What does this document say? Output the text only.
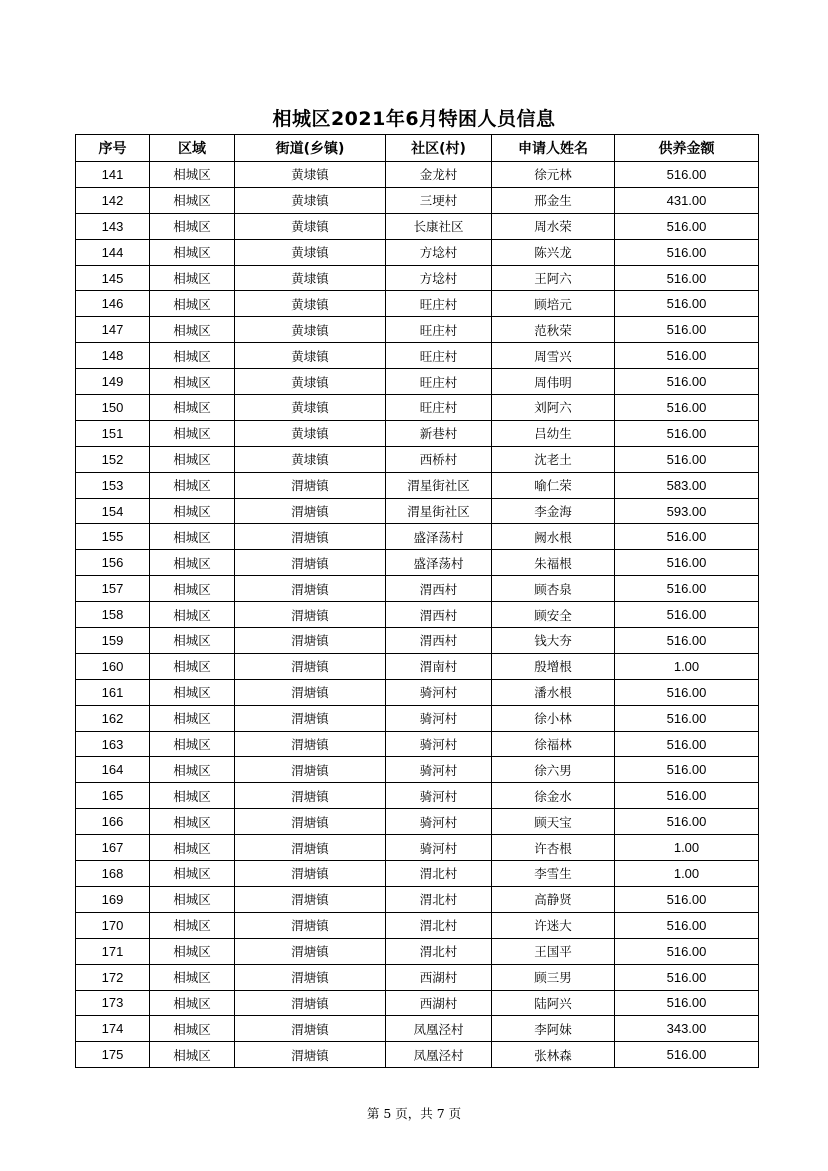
相城区2021年6月特困人员信息
序号	区域	街道(乡镇)	社区(村)	申请人姓名	供养金额
141	相城区	黄埭镇	金龙村	徐元林	516.00
142	相城区	黄埭镇	三埂村	邢金生	431.00
143	相城区	黄埭镇	长康社区	周水荣	516.00
144	相城区	黄埭镇	方埝村	陈兴龙	516.00
145	相城区	黄埭镇	方埝村	王阿六	516.00
146	相城区	黄埭镇	旺庄村	顾培元	516.00
147	相城区	黄埭镇	旺庄村	范秋荣	516.00
148	相城区	黄埭镇	旺庄村	周雪兴	516.00
149	相城区	黄埭镇	旺庄村	周伟明	516.00
150	相城区	黄埭镇	旺庄村	刘阿六	516.00
151	相城区	黄埭镇	新巷村	吕幼生	516.00
152	相城区	黄埭镇	西桥村	沈老土	516.00
153	相城区	渭塘镇	渭星街社区	喻仁荣	583.00
154	相城区	渭塘镇	渭星街社区	李金海	593.00
155	相城区	渭塘镇	盛泽荡村	阙水根	516.00
156	相城区	渭塘镇	盛泽荡村	朱福根	516.00
157	相城区	渭塘镇	渭西村	顾杏泉	516.00
158	相城区	渭塘镇	渭西村	顾安全	516.00
159	相城区	渭塘镇	渭西村	钱大夯	516.00
160	相城区	渭塘镇	渭南村	殷增根	1.00
161	相城区	渭塘镇	骑河村	潘水根	516.00
162	相城区	渭塘镇	骑河村	徐小林	516.00
163	相城区	渭塘镇	骑河村	徐福林	516.00
164	相城区	渭塘镇	骑河村	徐六男	516.00
165	相城区	渭塘镇	骑河村	徐金水	516.00
166	相城区	渭塘镇	骑河村	顾天宝	516.00
167	相城区	渭塘镇	骑河村	许杏根	1.00
168	相城区	渭塘镇	渭北村	李雪生	1.00
169	相城区	渭塘镇	渭北村	高静贤	516.00
170	相城区	渭塘镇	渭北村	许迷大	516.00
171	相城区	渭塘镇	渭北村	王国平	516.00
172	相城区	渭塘镇	西湖村	顾三男	516.00
173	相城区	渭塘镇	西湖村	陆阿兴	516.00
174	相城区	渭塘镇	凤凰泾村	李阿妹	343.00
175	相城区	渭塘镇	凤凰泾村	张林森	516.00
第 5 页，共 7 页
